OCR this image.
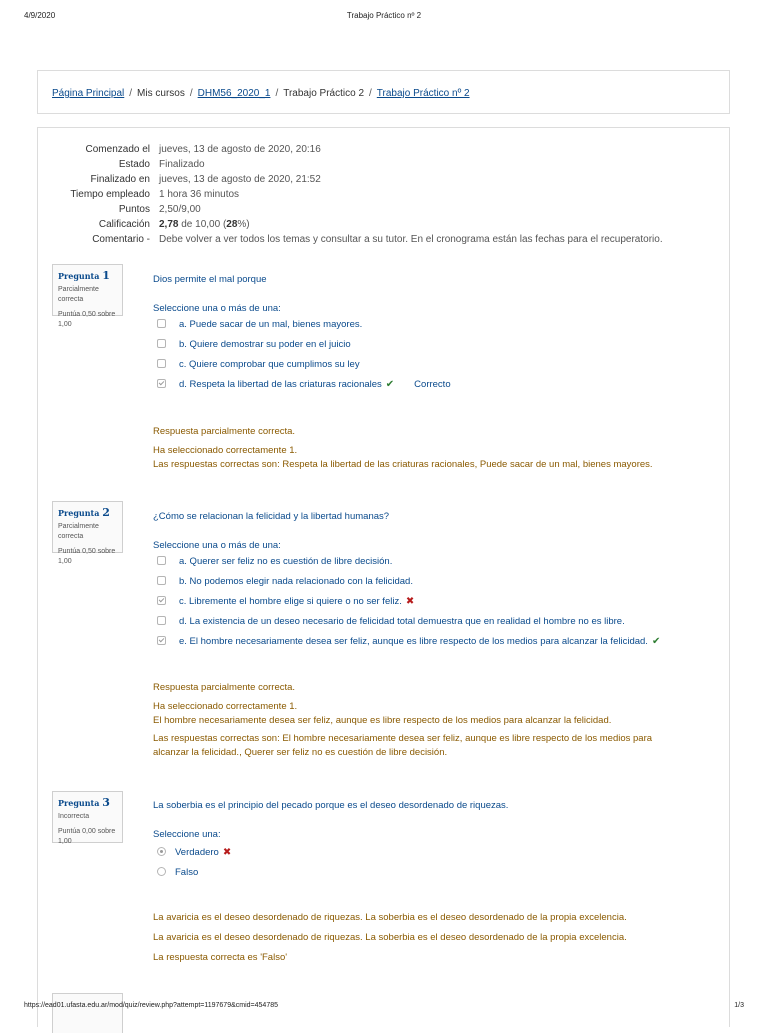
4/9/2020	Trabajo Práctico nº 2
Página Principal / Mis cursos / DHM56_2020_1 / Trabajo Práctico 2 / Trabajo Práctico nº 2
Comenzado el jueves, 13 de agosto de 2020, 20:16
Estado Finalizado
Finalizado en jueves, 13 de agosto de 2020, 21:52
Tiempo empleado 1 hora 36 minutos
Puntos 2,50/9,00
Calificación 2,78 de 10,00 (28%)
Comentario - Debe volver a ver todos los temas y consultar a su tutor. En el cronograma están las fechas para el recuperatorio.
Pregunta 1
Parcialmente correcta
Puntúa 0,50 sobre 1,00
Dios permite el mal porque
Seleccione una o más de una:
a. Puede sacar de un mal, bienes mayores.
b. Quiere demostrar su poder en el juicio
c. Quiere comprobar que cumplimos su ley
d. Respeta la libertad de las criaturas racionales ✔ Correcto
Respuesta parcialmente correcta.
Ha seleccionado correctamente 1.
Las respuestas correctas son: Respeta la libertad de las criaturas racionales, Puede sacar de un mal, bienes mayores.
Pregunta 2
Parcialmente correcta
Puntúa 0,50 sobre 1,00
¿Cómo se relacionan la felicidad y la libertad humanas?
Seleccione una o más de una:
a. Querer ser feliz no es cuestión de libre decisión.
b. No podemos elegir nada relacionado con la felicidad.
c. Libremente el hombre elige si quiere o no ser feliz. ✖
d. La existencia de un deseo necesario de felicidad total demuestra que en realidad el hombre no es libre.
e. El hombre necesariamente desea ser feliz, aunque es libre respecto de los medios para alcanzar la felicidad. ✔
Respuesta parcialmente correcta.
Ha seleccionado correctamente 1.
El hombre necesariamente desea ser feliz, aunque es libre respecto de los medios para alcanzar la felicidad.
Las respuestas correctas son: El hombre necesariamente desea ser feliz, aunque es libre respecto de los medios para
alcanzar la felicidad., Querer ser feliz no es cuestión de libre decisión.
Pregunta 3
Incorrecta
Puntúa 0,00 sobre 1,00
La soberbia es el principio del pecado porque es el deseo desordenado de riquezas.
Seleccione una:
Verdadero ✖
Falso
La avaricia es el deseo desordenado de riquezas. La soberbia es el deseo desordenado de la propia excelencia.
La avaricia es el deseo desordenado de riquezas. La soberbia es el deseo desordenado de la propia excelencia.
La respuesta correcta es 'Falso'
https://ead01.ufasta.edu.ar/mod/quiz/review.php?attempt=1197679&cmid=454785	1/3
